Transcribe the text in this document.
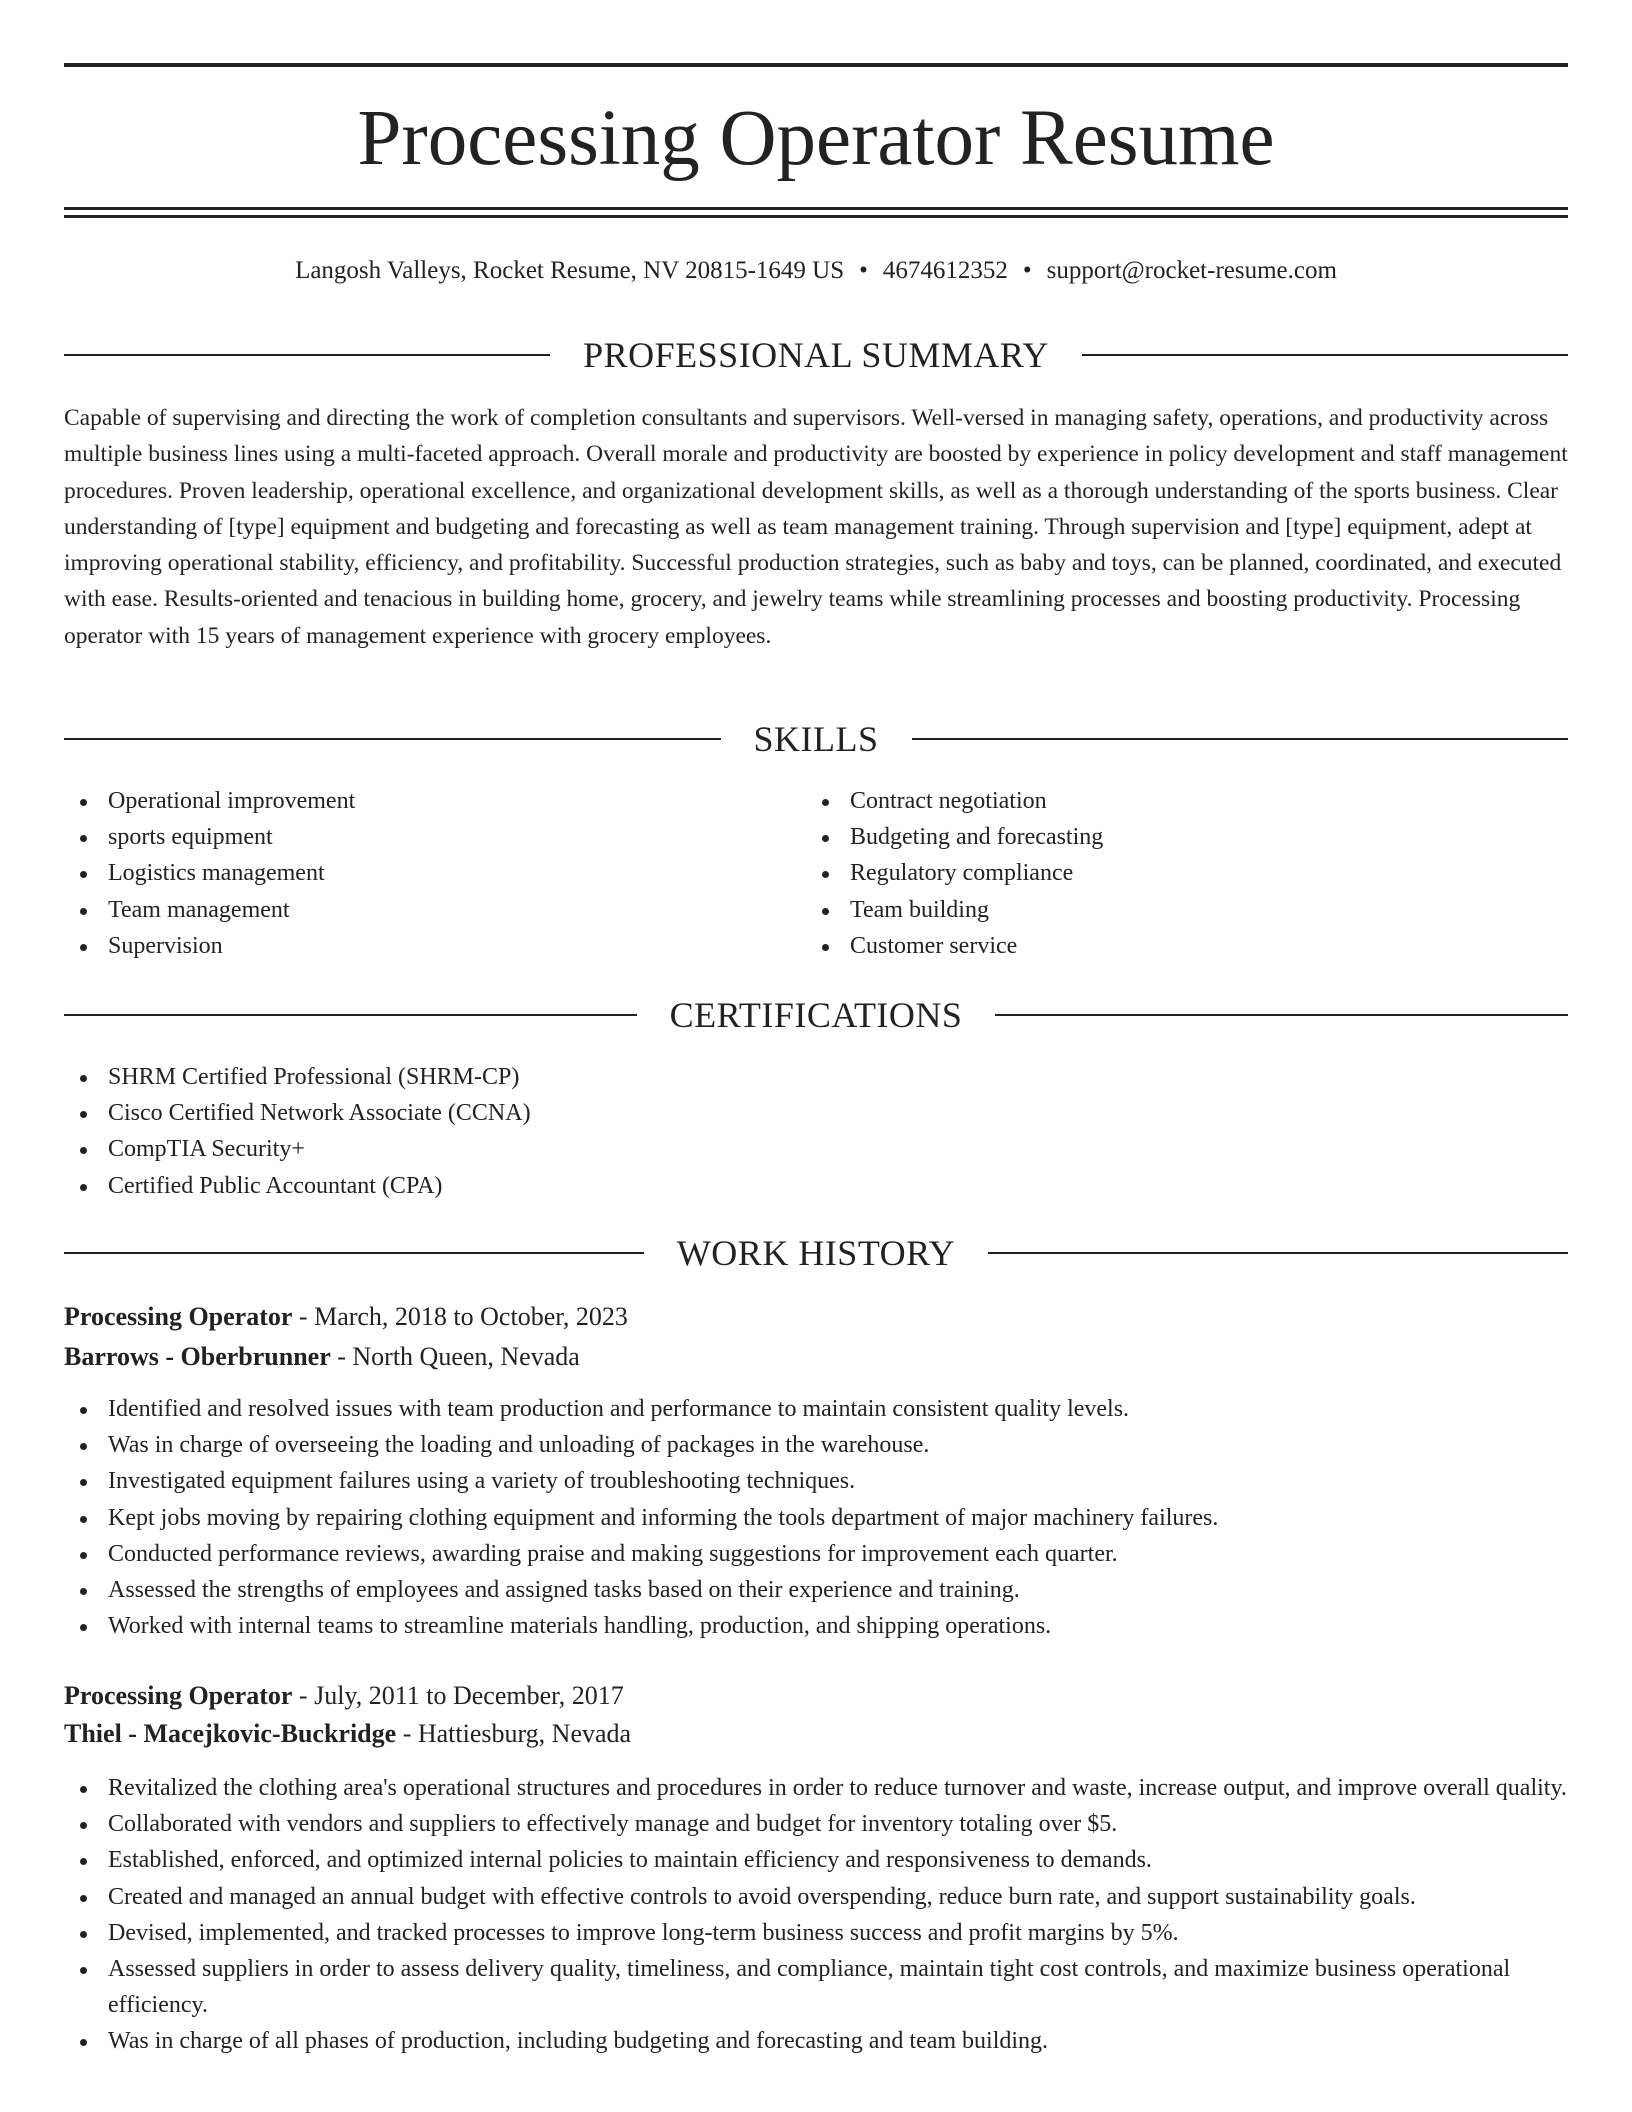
Processing Operator Resume
Langosh Valleys, Rocket Resume, NV 20815-1649 US • 4674612352 • support@rocket-resume.com
PROFESSIONAL SUMMARY
Capable of supervising and directing the work of completion consultants and supervisors. Well-versed in managing safety, operations, and productivity across multiple business lines using a multi-faceted approach. Overall morale and productivity are boosted by experience in policy development and staff management procedures. Proven leadership, operational excellence, and organizational development skills, as well as a thorough understanding of the sports business. Clear understanding of [type] equipment and budgeting and forecasting as well as team management training. Through supervision and [type] equipment, adept at improving operational stability, efficiency, and profitability. Successful production strategies, such as baby and toys, can be planned, coordinated, and executed with ease. Results-oriented and tenacious in building home, grocery, and jewelry teams while streamlining processes and boosting productivity. Processing operator with 15 years of management experience with grocery employees.
SKILLS
Operational improvement
sports equipment
Logistics management
Team management
Supervision
Contract negotiation
Budgeting and forecasting
Regulatory compliance
Team building
Customer service
CERTIFICATIONS
SHRM Certified Professional (SHRM-CP)
Cisco Certified Network Associate (CCNA)
CompTIA Security+
Certified Public Accountant (CPA)
WORK HISTORY
Processing Operator - March, 2018 to October, 2023
Barrows - Oberbrunner - North Queen, Nevada
Identified and resolved issues with team production and performance to maintain consistent quality levels.
Was in charge of overseeing the loading and unloading of packages in the warehouse.
Investigated equipment failures using a variety of troubleshooting techniques.
Kept jobs moving by repairing clothing equipment and informing the tools department of major machinery failures.
Conducted performance reviews, awarding praise and making suggestions for improvement each quarter.
Assessed the strengths of employees and assigned tasks based on their experience and training.
Worked with internal teams to streamline materials handling, production, and shipping operations.
Processing Operator - July, 2011 to December, 2017
Thiel - Macejkovic-Buckridge - Hattiesburg, Nevada
Revitalized the clothing area's operational structures and procedures in order to reduce turnover and waste, increase output, and improve overall quality.
Collaborated with vendors and suppliers to effectively manage and budget for inventory totaling over $5.
Established, enforced, and optimized internal policies to maintain efficiency and responsiveness to demands.
Created and managed an annual budget with effective controls to avoid overspending, reduce burn rate, and support sustainability goals.
Devised, implemented, and tracked processes to improve long-term business success and profit margins by 5%.
Assessed suppliers in order to assess delivery quality, timeliness, and compliance, maintain tight cost controls, and maximize business operational efficiency.
Was in charge of all phases of production, including budgeting and forecasting and team building.
